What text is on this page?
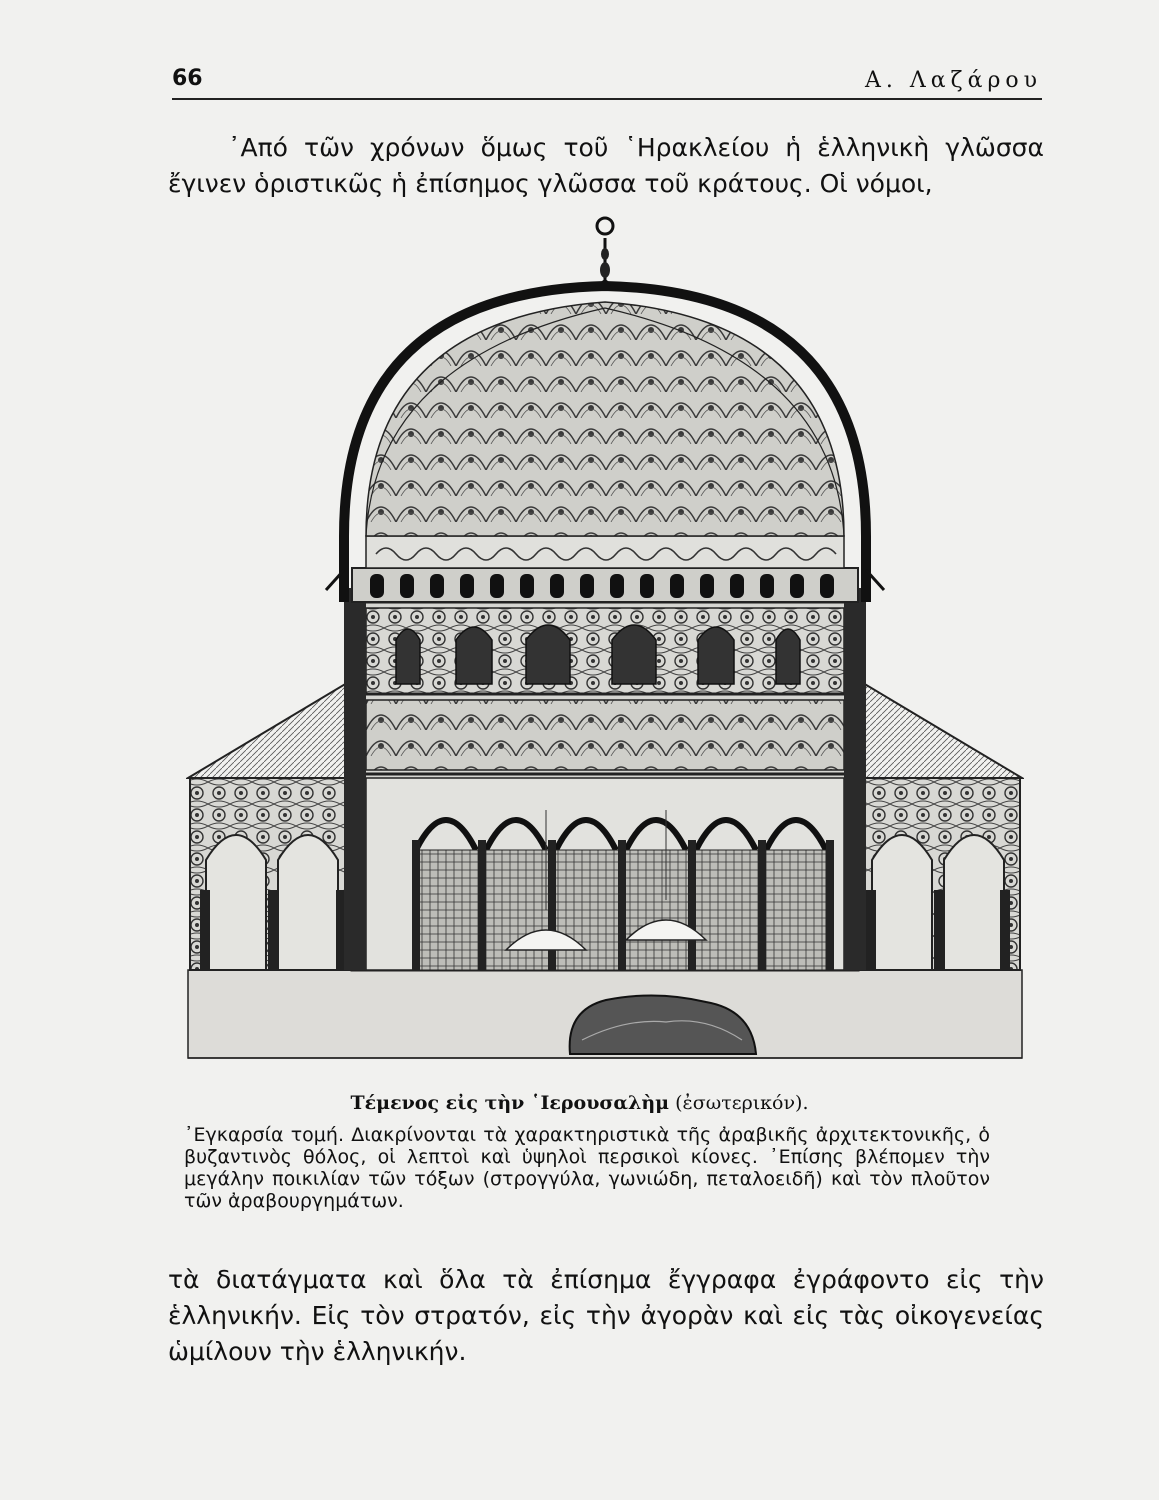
66	Α. Λαζάρου

᾿Από τῶν χρόνων ὅμως τοῦ ῾Ηρακλείου ἡ ἑλληνικὴ γλῶσσα ἔγινεν ὁριστικῶς ἡ ἐπίσημος γλῶσσα τοῦ κράτους. Οἱ νόμοι,

Τέμενος εἰς τὴν ῾Ιερουσαλὴμ (ἐσωτερικόν).

᾿Εγκαρσία τομή. Διακρίνονται τὰ χαρακτηριστικὰ τῆς ἀραβικῆς ἀρχιτεκτονικῆς, ὁ βυζαντινὸς θόλος, οἱ λεπτοὶ καὶ ὑψηλοὶ περσικοὶ κίονες. ᾿Επίσης βλέπομεν τὴν μεγάλην ποικιλίαν τῶν τόξων (στρογγύλα, γωνιώδη, πεταλοειδῆ) καὶ τὸν πλοῦτον τῶν ἀραβουργημάτων.

τὰ διατάγματα καὶ ὅλα τὰ ἐπίσημα ἔγγραφα ἐγράφοντο εἰς τὴν ἑλληνικήν. Εἰς τὸν στρατόν, εἰς τὴν ἀγορὰν καὶ εἰς τὰς οἰκογενείας ὡμίλουν τὴν ἑλληνικήν.
